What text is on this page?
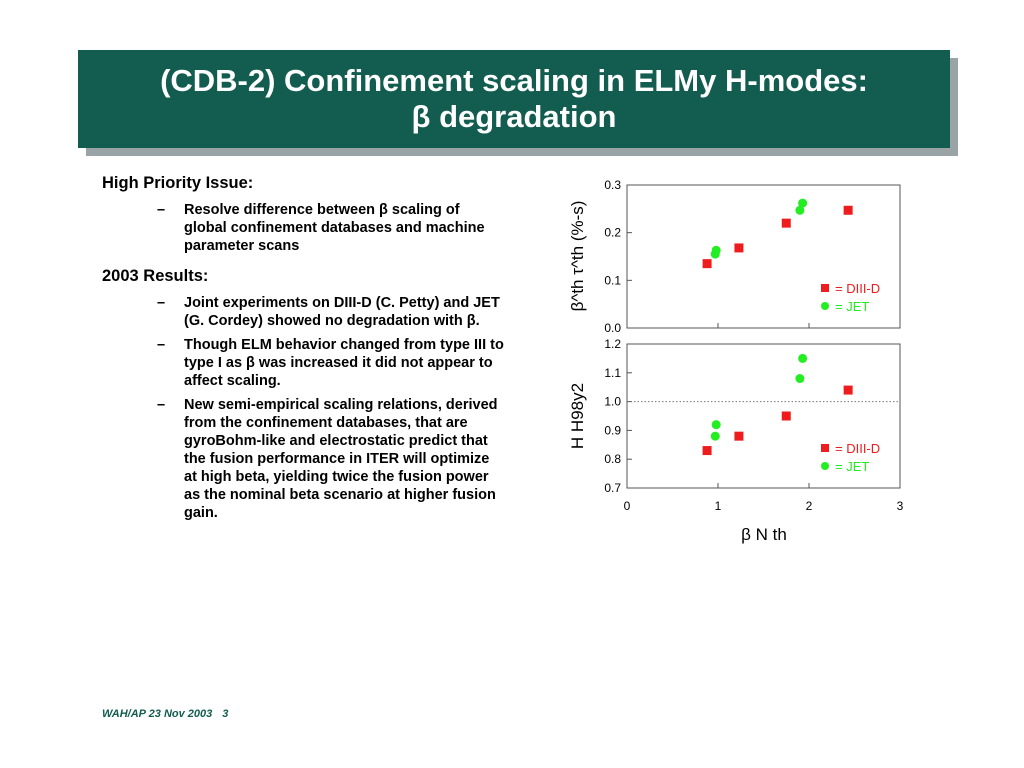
(CDB-2) Confinement scaling in ELMy H-modes:
β degradation
High Priority Issue:
–	Resolve difference between β scaling of global confinement databases and machine parameter scans
2003 Results:
–	Joint experiments on DIII-D (C. Petty) and JET (G. Cordey) showed no degradation with β.
–	Though ELM behavior changed from type III to type I as β was increased it did not appear to affect scaling.
–	New semi-empirical scaling relations, derived from the confinement databases, that are gyroBohm-like and electrostatic predict that the fusion performance in ITER will optimize at high beta, yielding twice the fusion power as the nominal beta scenario at higher fusion gain.
0.0
0.1
0.2
0.3
= DIII-D
= JET
0.7
0.8
0.9
1.0
1.1
1.2
0	1	2	3
= DIII-D
= JET
β^th τ^th (%-s)
H H98y2
β N th
WAH/AP 23 Nov 2003 3
